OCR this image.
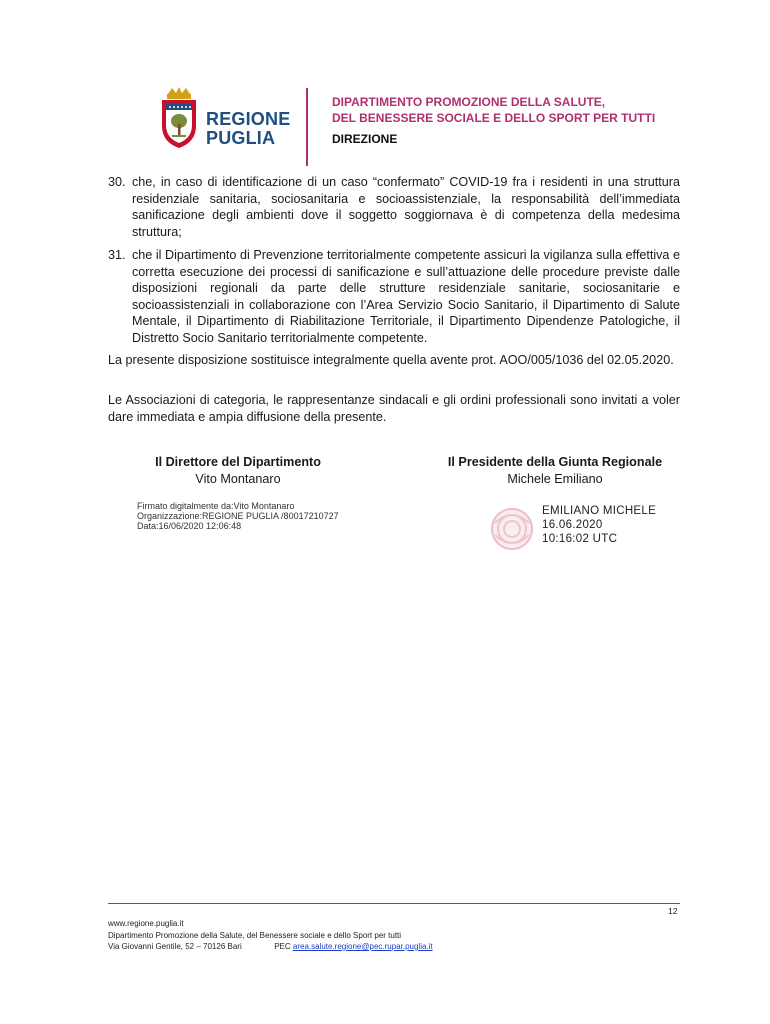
REGIONE
PUGLIA
DIPARTIMENTO PROMOZIONE DELLA SALUTE,
DEL BENESSERE SOCIALE E DELLO SPORT PER TUTTI
DIREZIONE
30. che, in caso di identificazione di un caso “confermato” COVID-19 fra i residenti in una struttura residenziale sanitaria, sociosanitaria e socioassistenziale, la responsabilità dell’immediata sanificazione degli ambienti dove il soggetto soggiornava è di competenza della medesima struttura;
31. che il Dipartimento di Prevenzione territorialmente competente assicuri la vigilanza sulla effettiva e corretta esecuzione dei processi di sanificazione e sull’attuazione delle procedure previste dalle disposizioni regionali da parte delle strutture residenziale sanitarie, sociosanitarie e socioassistenziali in collaborazione con l’Area Servizio Socio Sanitario, il Dipartimento di Salute Mentale, il Dipartimento di Riabilitazione Territoriale, il Dipartimento Dipendenze Patologiche, il Distretto Socio Sanitario territorialmente competente.
La presente disposizione sostituisce integralmente quella avente prot. AOO/005/1036 del 02.05.2020.
Le Associazioni di categoria, le rappresentanze sindacali e gli ordini professionali sono invitati a voler dare immediata e ampia diffusione della presente.
Il Direttore del Dipartimento
Vito Montanaro
Firmato digitalmente da:Vito Montanaro
Organizzazione:REGIONE PUGLIA /80017210727
Data:16/06/2020 12:06:48
Il Presidente della Giunta Regionale
Michele Emiliano
EMILIANO MICHELE
16.06.2020
10:16:02 UTC
12
www.regione.puglia.it
Dipartimento Promozione della Salute, del Benessere sociale e dello Sport per tutti
Via Giovanni Gentile, 52 – 70126 Bari	PEC area.salute.regione@pec.rupar.puglia.it
